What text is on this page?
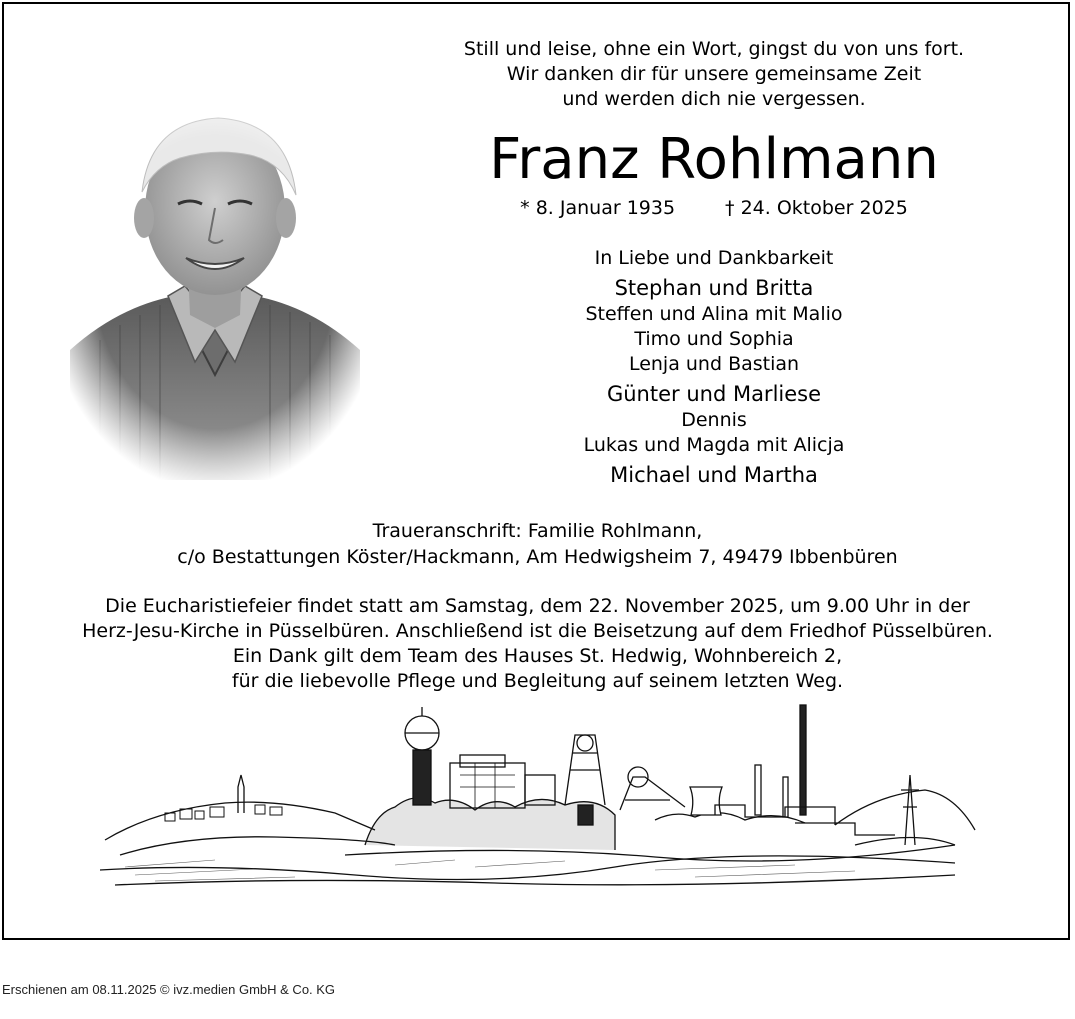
Still und leise, ohne ein Wort, gingst du von uns fort.
Wir danken dir für unsere gemeinsame Zeit
und werden dich nie vergessen.
Franz Rohlmann
* 8. Januar 1935	† 24. Oktober 2025
In Liebe und Dankbarkeit
Stephan und Britta
Steffen und Alina mit Malio
Timo und Sophia
Lenja und Bastian
Günter und Marliese
Dennis
Lukas und Magda mit Alicja
Michael und Martha
Traueranschrift: Familie Rohlmann,
c/o Bestattungen Köster/Hackmann, Am Hedwigsheim 7, 49479 Ibbenbüren
Die Eucharistiefeier findet statt am Samstag, dem 22. November 2025, um 9.00 Uhr in der
Herz-Jesu-Kirche in Püsselbüren. Anschließend ist die Beisetzung auf dem Friedhof Püsselbüren.
Ein Dank gilt dem Team des Hauses St. Hedwig, Wohnbereich 2,
für die liebevolle Pflege und Begleitung auf seinem letzten Weg.
Erschienen am 08.11.2025 © ivz.medien GmbH & Co. KG
